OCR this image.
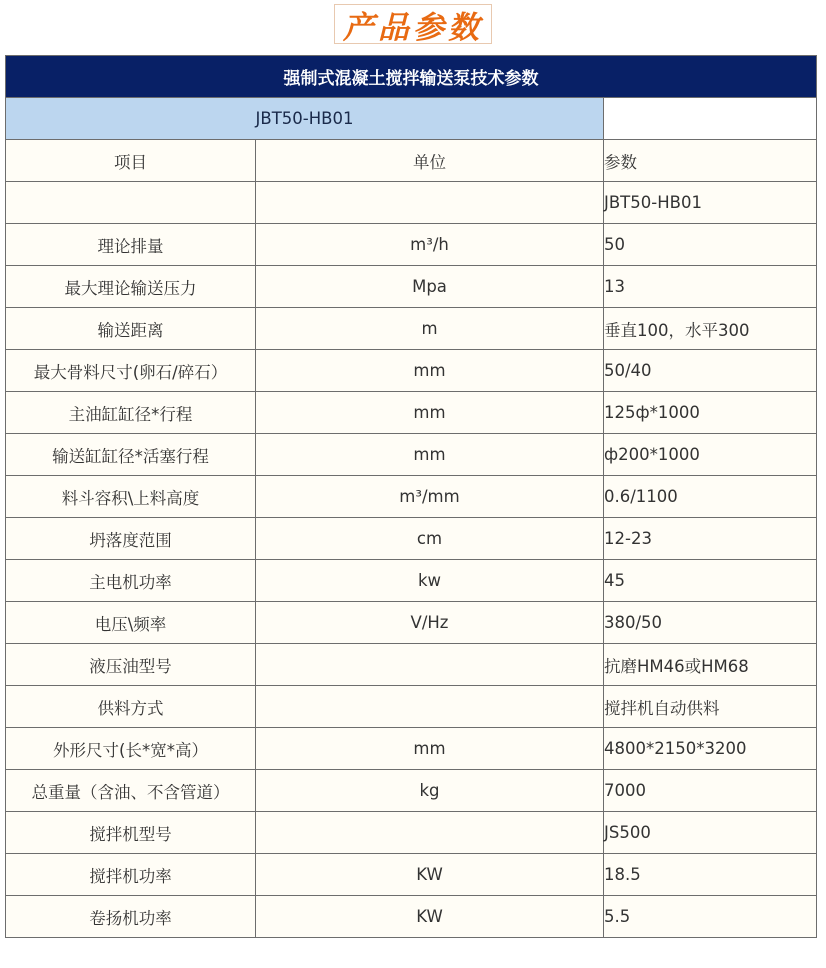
产品参数
强制式混凝土搅拌输送泵技术参数		
JBT50-HB01		
项目	单位	参数
		JBT50-HB01
理论排量	m³/h	50
最大理论输送压力	Mpa	13
输送距离	m	垂直100，水平300
最大骨料尺寸(卵石/碎石）	mm	50/40
主油缸缸径*行程	mm	125ф*1000
输送缸缸径*活塞行程	mm	ф200*1000
料斗容积\上料高度	m³/mm	0.6/1100
坍落度范围	cm	12-23
主电机功率	kw	45
电压\频率	V/Hz	380/50
液压油型号		抗磨HM46或HM68
供料方式		搅拌机自动供料
外形尺寸(长*宽*高）	mm	4800*2150*3200
总重量（含油、不含管道）	kg	7000
搅拌机型号		JS500
搅拌机功率	KW	18.5
卷扬机功率	KW	5.5
